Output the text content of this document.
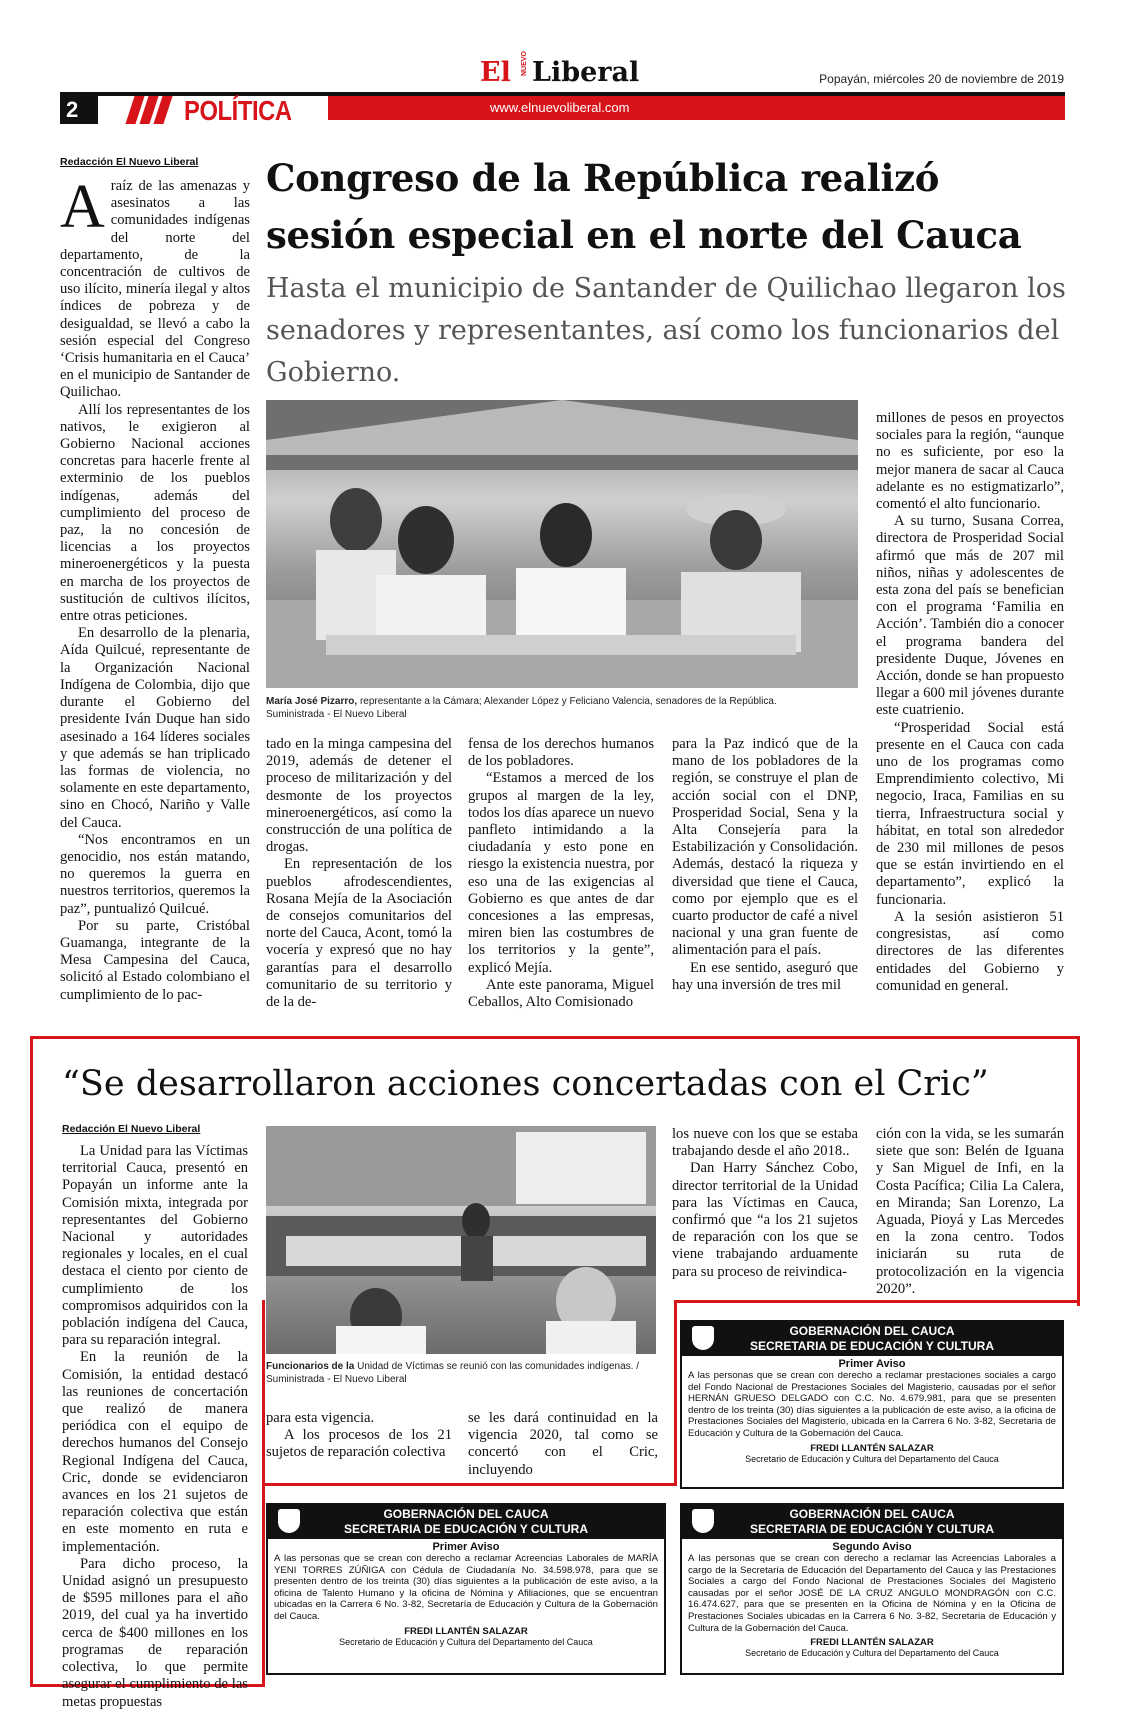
2	POLÍTICA	www.elnuevoliberal.com
El NUEVO Liberal	Popayán, miércoles 20 de noviembre de 2019
Redacción El Nuevo Liberal

Araíz de las amenazas y asesinatos a las comunidades indígenas del norte del departamento, de la concentración de cultivos de uso ilícito, minería ilegal y altos índices de pobreza y de desigualdad, se llevó a cabo la sesión especial del Congreso ‘Crisis humanitaria en el Cauca’ en el municipio de Santander de Quilichao.

Allí los representantes de los nativos, le exigieron al Gobierno Nacional acciones concretas para hacerle frente al exterminio de los pueblos indígenas, además del cumplimiento del proceso de paz, la no concesión de licencias a los proyectos mineroenergéticos y la puesta en marcha de los proyectos de sustitución de cultivos ilícitos, entre otras peticiones.

En desarrollo de la plenaria, Aída Quilcué, representante de la Organización Nacional Indígena de Colombia, dijo que durante el Gobierno del presidente Iván Duque han sido asesinado a 164 líderes sociales y que además se han triplicado las formas de violencia, no solamente en este departamento, sino en Chocó, Nariño y Valle del Cauca.

“Nos encontramos en un genocidio, nos están matando, no queremos la guerra en nuestros territorios, queremos la paz”, puntualizó Quilcué.

Por su parte, Cristóbal Guamanga, integrante de la Mesa Campesina del Cauca, solicitó al Estado colombiano el cumplimiento de lo pac-

Congreso de la República realizó sesión especial en el norte del Cauca
Hasta el municipio de Santander de Quilichao llegaron los senadores y representantes, así como los funcionarios del Gobierno.
María José Pizarro, representante a la Cámara; Alexander López y Feliciano Valencia, senadores de la República.
Suministrada - El Nuevo Liberal

tado en la minga campesina del 2019, además de detener el proceso de militarización y del desmonte de los proyectos mineroenergéticos, así como la construcción de una política de drogas.

En representación de los pueblos afrodescendientes, Rosana Mejía de la Asociación de consejos comunitarios del norte del Cauca, Acont, tomó la vocería y expresó que no hay garantías para el desarrollo comunitario de su territorio y de la de-

fensa de los derechos humanos de los pobladores.

“Estamos a merced de los grupos al margen de la ley, todos los días aparece un nuevo panfleto intimidando a la ciudadanía y esto pone en riesgo la existencia nuestra, por eso una de las exigencias al Gobierno es que antes de dar concesiones a las empresas, miren bien las costumbres de los territorios y la gente”, explicó Mejía.

Ante este panorama, Miguel Ceballos, Alto Comisionado

para la Paz indicó que de la mano de los pobladores de la región, se construye el plan de acción social con el DNP, Prosperidad Social, Sena y la Alta Consejería para la Estabilización y Consolidación. Además, destacó la riqueza y diversidad que tiene el Cauca, como por ejemplo que es el cuarto productor de café a nivel nacional y una gran fuente de alimentación para el país.

En ese sentido, aseguró que hay una inversión de tres mil

millones de pesos en proyectos sociales para la región, “aunque no es suficiente, por eso la mejor manera de sacar al Cauca adelante es no estigmatizarlo”, comentó el alto funcionario.

A su turno, Susana Correa, directora de Prosperidad Social afirmó que más de 207 mil niños, niñas y adolescentes de esta zona del país se benefician con el programa ‘Familia en Acción’. También dio a conocer el programa bandera del presidente Duque, Jóvenes en Acción, donde se han propuesto llegar a 600 mil jóvenes durante este cuatrienio.

“Prosperidad Social está presente en el Cauca con cada uno de los programas como Emprendimiento colectivo, Mi negocio, Iraca, Familias en su tierra, Infraestructura social y hábitat, en total son alrededor de 230 mil millones de pesos que se están invirtiendo en el departamento”, explicó la funcionaria.

A la sesión asistieron 51 congresistas, así como directores de las diferentes entidades del Gobierno y comunidad en general.

“Se desarrollaron acciones concertadas con el Cric”
Redacción El Nuevo Liberal

La Unidad para las Víctimas territorial Cauca, presentó en Popayán un informe ante la Comisión mixta, integrada por representantes del Gobierno Nacional y autoridades regionales y locales, en el cual destaca el ciento por ciento de cumplimiento de los compromisos adquiridos con la población indígena del Cauca, para su reparación integral.

En la reunión de la Comisión, la entidad destacó las reuniones de concertación que realizó de manera periódica con el equipo de derechos humanos del Consejo Regional Indígena del Cauca, Cric, donde se evidenciaron avances en los 21 sujetos de reparación colectiva que están en este momento en ruta e implementación.

Para dicho proceso, la Unidad asignó un presupuesto de $595 millones para el año 2019, del cual ya ha invertido cerca de $400 millones en los programas de reparación colectiva, lo que permite asegurar el cumplimiento de las metas propuestas

Funcionarios de la Unidad de Víctimas se reunió con las comunidades indígenas. /
Suministrada - El Nuevo Liberal

para esta vigencia.

A los procesos de los 21 sujetos de reparación colectiva

se les dará continuidad en la vigencia 2020, tal como se concertó con el Cric, incluyendo

los nueve con los que se estaba trabajando desde el año 2018..

Dan Harry Sánchez Cobo, director territorial de la Unidad para las Víctimas en Cauca, confirmó que “a los 21 sujetos de reparación con los que se viene trabajando arduamente para su proceso de reivindica-

ción con la vida, se les sumarán siete que son: Belén de Iguana y San Miguel de Infi, en la Costa Pacífica; Cilia La Calera, en Miranda; San Lorenzo, La Aguada, Pioyá y Las Mercedes en la zona centro. Todos iniciarán su ruta de protocolización en la vigencia 2020”.

GOBERNACIÓN DEL CAUCA
SECRETARIA DE EDUCACIÓN Y CULTURA
Primer Aviso
A las personas que se crean con derecho a reclamar prestaciones sociales a cargo del Fondo Nacional de Prestaciones Sociales del Magisterio, causadas por el señor HERNÁN GRUESO DELGADO con C.C. No. 4.679.981, para que se presenten dentro de los treinta (30) días siguientes a la publicación de este aviso, a la oficina de Prestaciones Sociales del Magisterio, ubicada en la Carrera 6 No. 3-82, Secretaria de Educación y Cultura de la Gobernación del Cauca.
FREDI LLANTÉN SALAZAR
Secretario de Educación y Cultura del Departamento del Cauca
GOBERNACIÓN DEL CAUCA
SECRETARIA DE EDUCACIÓN Y CULTURA
Primer Aviso
A las personas que se crean con derecho a reclamar Acreencias Laborales de MARÍA YENI TORRES ZÚÑIGA con Cédula de Ciudadanía No. 34.598.978, para que se presenten dentro de los treinta (30) días siguientes a la publicación de este aviso, a la oficina de Talento Humano y la oficina de Nómina y Afiliaciones, que se encuentran ubicadas en la Carrera 6 No. 3-82, Secretaría de Educación y Cultura de la Gobernación del Cauca.
FREDI LLANTÉN SALAZAR
Secretario de Educación y Cultura del Departamento del Cauca
GOBERNACIÓN DEL CAUCA
SECRETARIA DE EDUCACIÓN Y CULTURA
Segundo Aviso
A las personas que se crean con derecho a reclamar las Acreencias Laborales a cargo de la Secretaría de Educación del Departamento del Cauca y las Prestaciones Sociales a cargo del Fondo Nacional de Prestaciones Sociales del Magisterio causadas por el señor JOSÉ DE LA CRUZ ANGULO MONDRAGÓN con C.C. 16.474.627, para que se presenten en la Oficina de Nómina y en la Oficina de Prestaciones Sociales ubicadas en la Carrera 6 No. 3-82, Secretaria de Educación y Cultura de la Gobernación del Cauca.
FREDI LLANTÉN SALAZAR
Secretario de Educación y Cultura del Departamento del Cauca
